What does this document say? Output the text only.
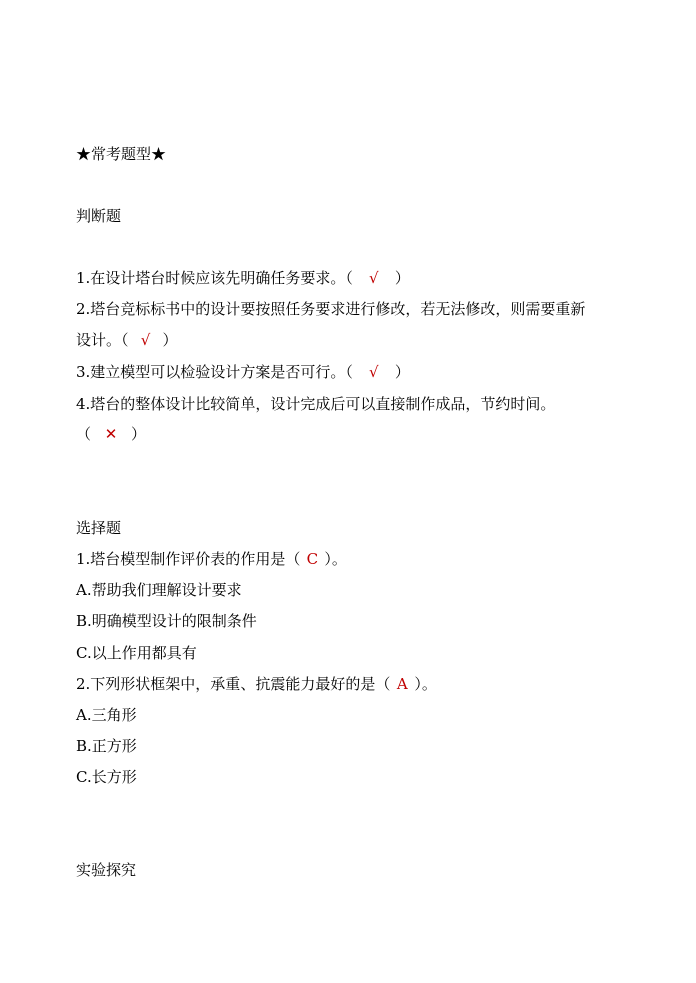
★常考题型★
判断题
1.在设计塔台时候应该先明确任务要求。（ √ ）
2.塔台竞标标书中的设计要按照任务要求进行修改，若无法修改，则需要重新
设计。（ √ ）
3.建立模型可以检验设计方案是否可行。（ √ ）
4.塔台的整体设计比较简单，设计完成后可以直接制作成品，节约时间。
（ ✕ ）
选择题
1.塔台模型制作评价表的作用是（ C ）。
A.帮助我们理解设计要求
B.明确模型设计的限制条件
C.以上作用都具有
2.下列形状框架中，承重、抗震能力最好的是（ A ）。
A.三角形
B.正方形
C.长方形
实验探究
